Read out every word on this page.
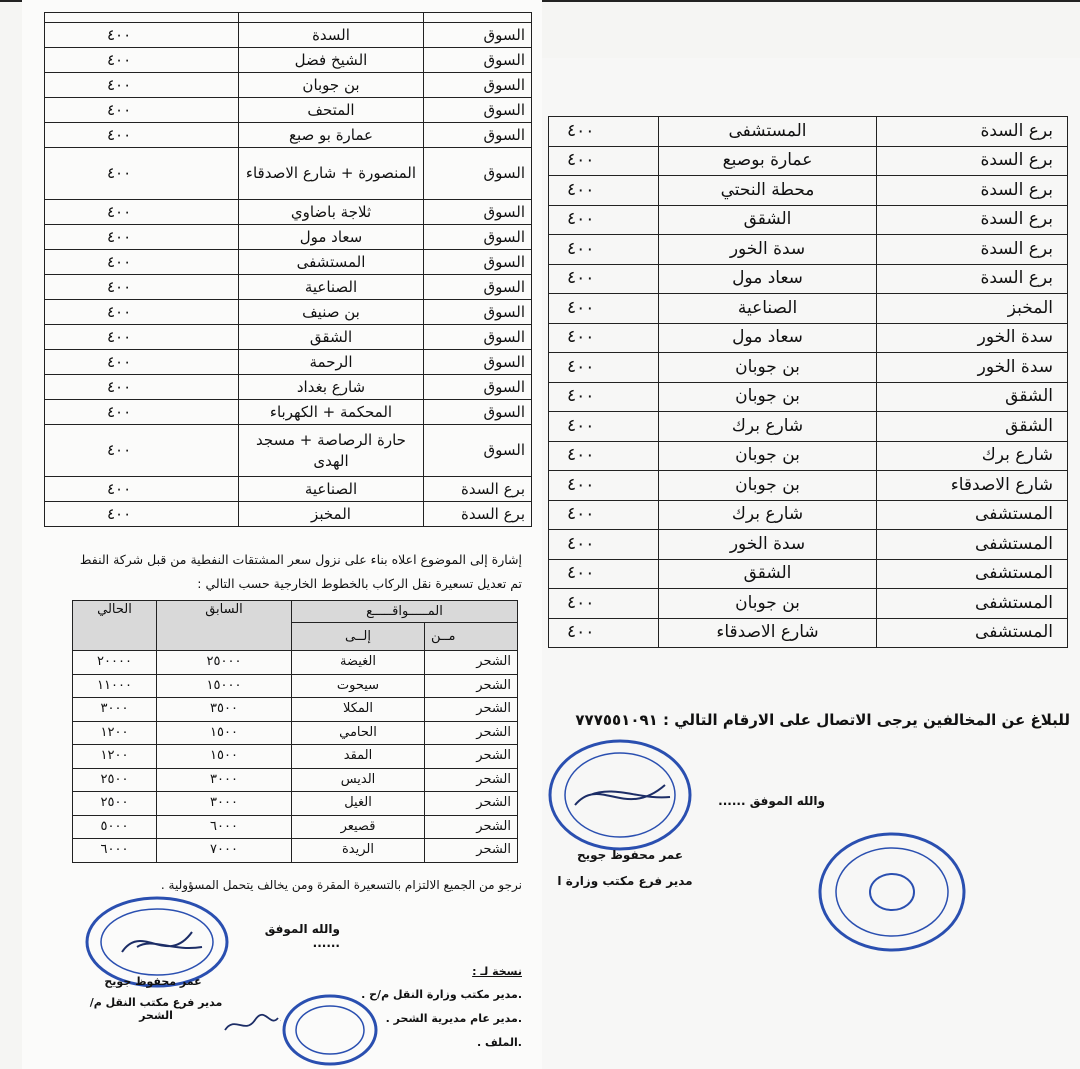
السوق	السدة	٤٠٠
السوق	الشيخ فضل	٤٠٠
السوق	بن جوبان	٤٠٠
السوق	المتحف	٤٠٠
السوق	عمارة بو صبع	٤٠٠
السوق	المنصورة + شارع الاصدقاء	٤٠٠
السوق	ثلاجة باضاوي	٤٠٠
السوق	سعاد مول	٤٠٠
السوق	المستشفى	٤٠٠
السوق	الصناعية	٤٠٠
السوق	بن صنيف	٤٠٠
السوق	الشقق	٤٠٠
السوق	الرحمة	٤٠٠
السوق	شارع بغداد	٤٠٠
السوق	المحكمة + الكهرباء	٤٠٠
السوق	حارة الرصاصة + مسجد الهدى	٤٠٠
برع السدة	الصناعية	٤٠٠
برع السدة	المخبز	٤٠٠
برع السدة	المستشفى	٤٠٠
برع السدة	عمارة بوصبع	٤٠٠
برع السدة	محطة النحتي	٤٠٠
برع السدة	الشقق	٤٠٠
برع السدة	سدة الخور	٤٠٠
برع السدة	سعاد مول	٤٠٠
المخبز	الصناعية	٤٠٠
سدة الخور	سعاد مول	٤٠٠
سدة الخور	بن جوبان	٤٠٠
الشقق	بن جوبان	٤٠٠
الشقق	شارع برك	٤٠٠
شارع برك	بن جوبان	٤٠٠
شارع الاصدقاء	بن جوبان	٤٠٠
المستشفى	شارع برك	٤٠٠
المستشفى	سدة الخور	٤٠٠
المستشفى	الشقق	٤٠٠
المستشفى	بن جوبان	٤٠٠
المستشفى	شارع الاصدقاء	٤٠٠
إشارة إلى الموضوع اعلاه بناء على نزول سعر المشتقات النفطية من قبل شركة النفط تم تعديل تسعيرة نقل الركاب بالخطوط الخارجية حسب التالي :
المـــــواقـــــع		السابق	الحالي
مــن	إلــى		
الشحر	الغيضة	٢٥٠٠٠	٢٠٠٠٠
الشحر	سيحوت	١٥٠٠٠	١١٠٠٠
الشحر	المكلا	٣٥٠٠	٣٠٠٠
الشحر	الحامي	١٥٠٠	١٢٠٠
الشحر	المقد	١٥٠٠	١٢٠٠
الشحر	الديس	٣٠٠٠	٢٥٠٠
الشحر	الغيل	٣٠٠٠	٢٥٠٠
الشحر	قصيعر	٦٠٠٠	٥٠٠٠
الشحر	الريدة	٧٠٠٠	٦٠٠٠
نرجو من الجميع الالتزام بالتسعيرة المقرة ومن يخالف يتحمل المسؤولية .
والله الموفق ......
عمر محفوظ جويح
مدير فرع مكتب النقل م/الشحر
نسخة لـ :
.مدير مكتب وزارة النقل م/ح .
.مدير عام مديرية الشحر .
.الملف .
للبلاغ عن المخالفين يرجى الاتصال على الارقام التالي : ٧٧٧٥٥١٠٩١
والله الموفق ......
عمر محفوظ جويح
مدير فرع مكتب وزارة ا
